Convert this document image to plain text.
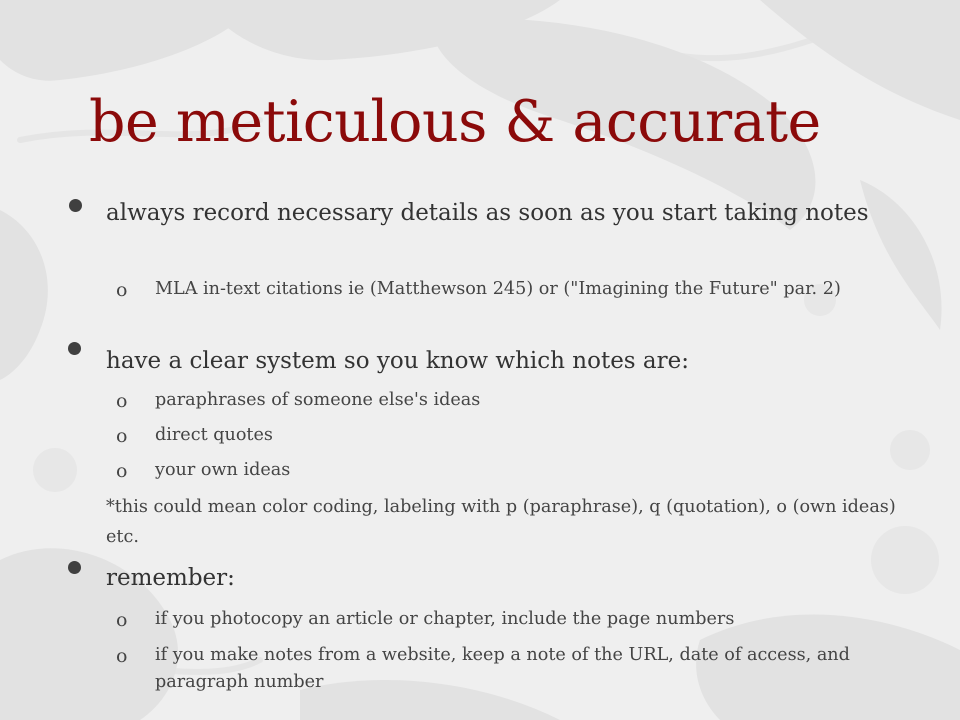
be meticulous & accurate
always record necessary details as soon as you start taking notes
o MLA in-text citations ie (Matthewson 245) or ("Imagining the Future" par. 2)
have a clear system so you know which notes are:
o paraphrases of someone else's ideas
o direct quotes
o your own ideas
*this could mean color coding, labeling with p (paraphrase), q (quotation), o (own ideas) etc.
remember:
o if you photocopy an article or chapter, include the page numbers
o if you make notes from a website, keep a note of the URL, date of access, and paragraph number
